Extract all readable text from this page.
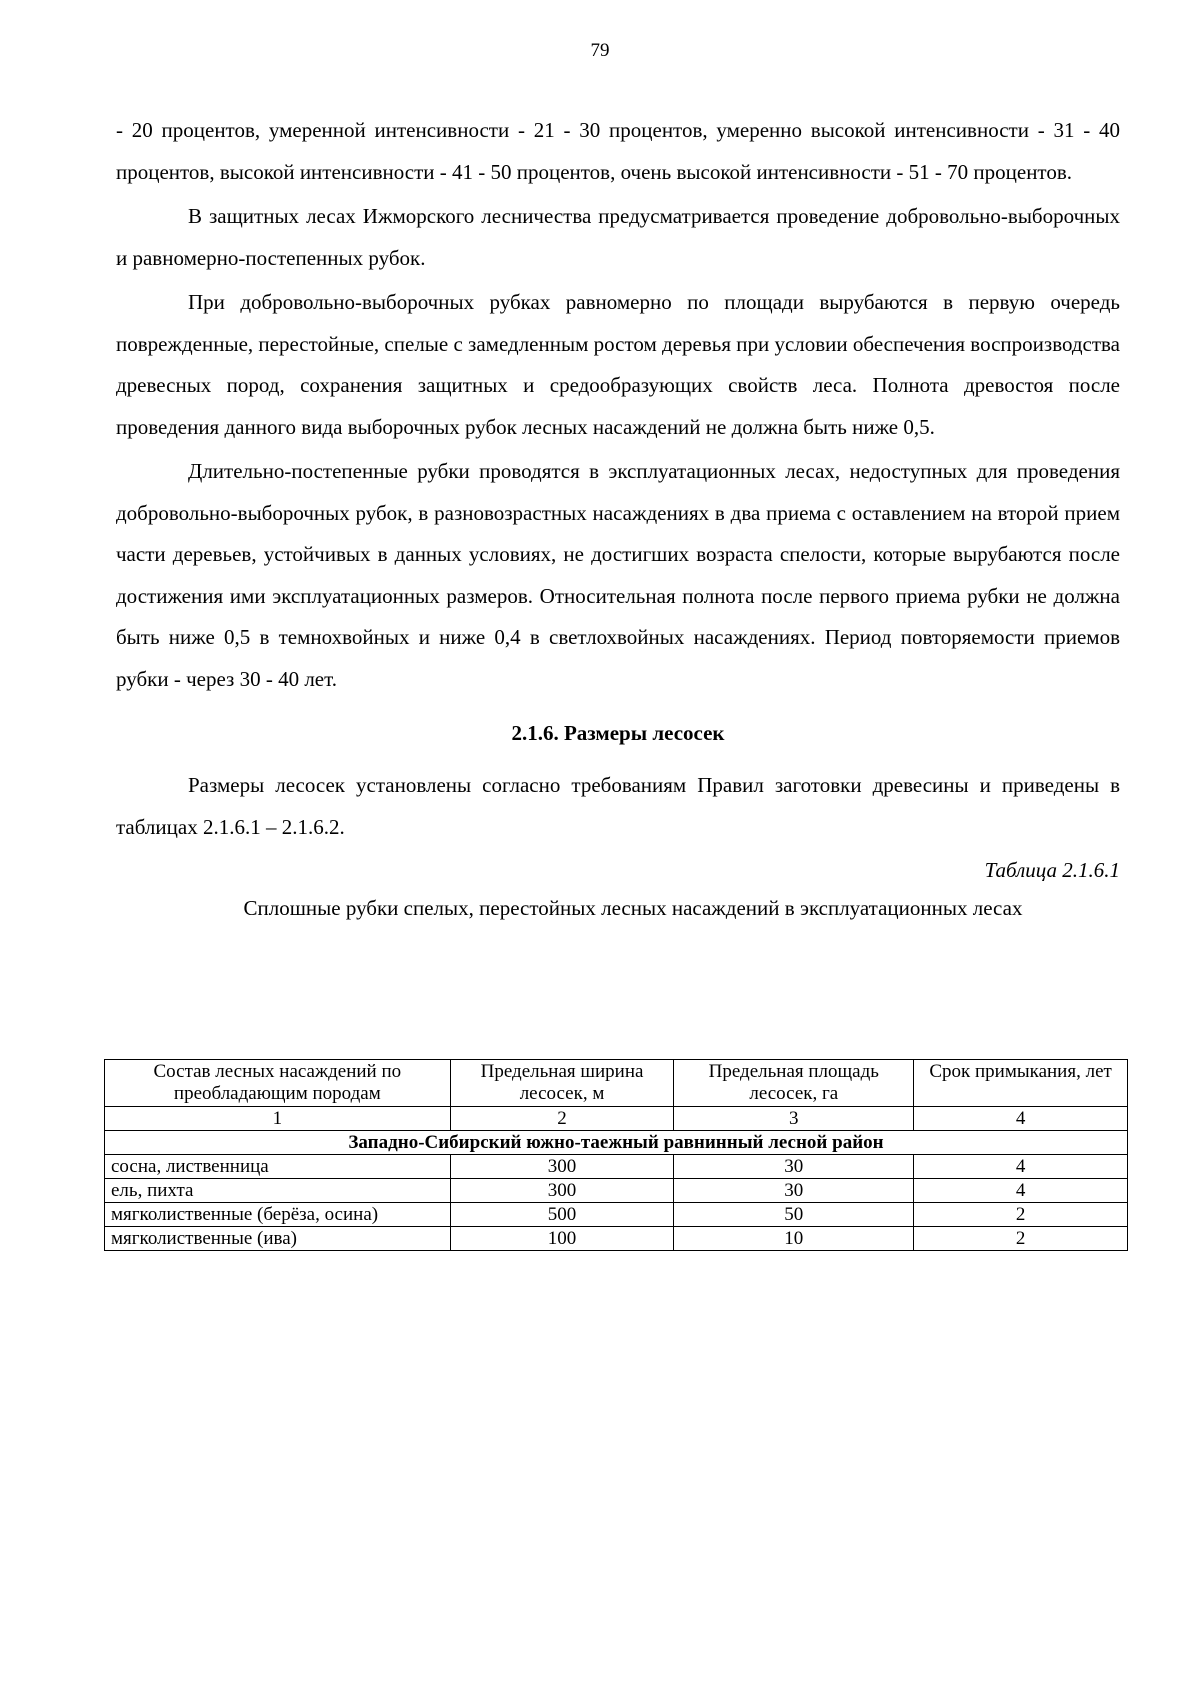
79

- 20 процентов, умеренной интенсивности - 21 - 30 процентов, умеренно высокой интенсивности - 31 - 40 процентов, высокой интенсивности - 41 - 50 процентов, очень высокой интенсивности - 51 - 70 процентов.

В защитных лесах Ижморского лесничества предусматривается проведение добровольно-выборочных и равномерно-постепенных рубок.

При добровольно-выборочных рубках равномерно по площади вырубаются в первую очередь поврежденные, перестойные, спелые с замедленным ростом деревья при условии обеспечения воспроизводства древесных пород, сохранения защитных и средообразующих свойств леса. Полнота древостоя после проведения данного вида выборочных рубок лесных насаждений не должна быть ниже 0,5.

Длительно-постепенные рубки проводятся в эксплуатационных лесах, недоступных для проведения добровольно-выборочных рубок, в разновозрастных насаждениях в два приема с оставлением на второй прием части деревьев, устойчивых в данных условиях, не достигших возраста спелости, которые вырубаются после достижения ими эксплуатационных размеров. Относительная полнота после первого приема рубки не должна быть ниже 0,5 в темнохвойных и ниже 0,4 в светлохвойных насаждениях. Период повторяемости приемов рубки - через 30 - 40 лет.

2.1.6. Размеры лесосек

Размеры лесосек установлены согласно требованиям Правил заготовки древесины и приведены в таблицах 2.1.6.1 – 2.1.6.2.

Таблица 2.1.6.1

Сплошные рубки спелых, перестойных лесных насаждений в эксплуатационных лесах

Состав лесных насаждений по преобладающим породам	Предельная ширина лесосек, м	Предельная площадь лесосек, га	Срок примыкания, лет
1	2	3	4
Западно-Сибирский южно-таежный равнинный лесной район			
сосна, лиственница	300	30	4
ель, пихта	300	30	4
мягколиственные (берёза, осина)	500	50	2
мягколиственные (ива)	100	10	2
